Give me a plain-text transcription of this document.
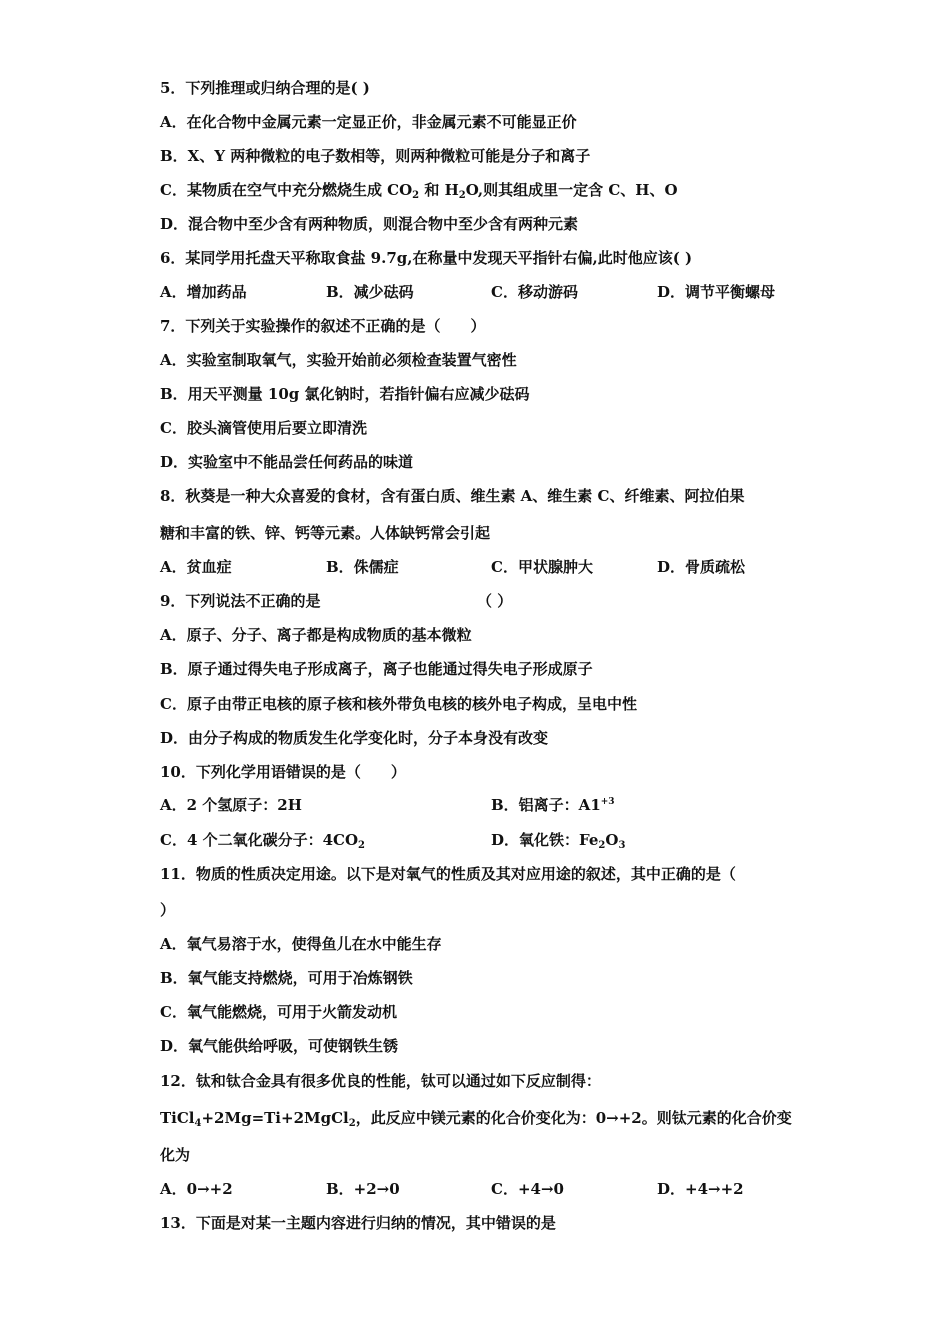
5．下列推理或归纳合理的是( )
A．在化合物中金属元素一定显正价，非金属元素不可能显正价
B．X、Y 两种微粒的电子数相等，则两种微粒可能是分子和离子
C．某物质在空气中充分燃烧生成 $CO_2$ 和 $H_2O$,则其组成里一定含 C、H、O
D．混合物中至少含有两种物质，则混合物中至少含有两种元素
6．某同学用托盘天平称取食盐 9.7g,在称量中发现天平指针右偏,此时他应该( )
A．增加药品	B．减少砝码	C．移动游码	D．调节平衡螺母
7．下列关于实验操作的叙述不正确的是（　　）
A．实验室制取氧气，实验开始前必须检查装置气密性
B．用天平测量 10g 氯化钠时，若指针偏右应减少砝码
C．胶头滴管使用后要立即清洗
D．实验室中不能品尝任何药品的味道
8．秋葵是一种大众喜爱的食材，含有蛋白质、维生素 A、维生素 C、纤维素、阿拉伯果
糖和丰富的铁、锌、钙等元素。人体缺钙常会引起
A．贫血症	B．侏儒症	C．甲状腺肿大	D．骨质疏松
9．下列说法不正确的是	（ ）
A．原子、分子、离子都是构成物质的基本微粒
B．原子通过得失电子形成离子，离子也能通过得失电子形成原子
C．原子由带正电核的原子核和核外带负电核的核外电子构成，呈电中性
D．由分子构成的物质发生化学变化时，分子本身没有改变
10．下列化学用语错误的是（　　）
A．2 个氢原子：2H	B．铝离子：$A1^{+3}$
C．4 个二氧化碳分子：$4CO_2$	D．氧化铁：$Fe_2O_3$
11．物质的性质决定用途。以下是对氧气的性质及其对应用途的叙述，其中正确的是（
）
A．氧气易溶于水，使得鱼儿在水中能生存
B．氧气能支持燃烧，可用于冶炼钢铁
C．氧气能燃烧，可用于火箭发动机
D．氧气能供给呼吸，可使钢铁生锈
12．钛和钛合金具有很多优良的性能，钛可以通过如下反应制得：
TiCl$_4$+2Mg=Ti+2MgCl$_2$，此反应中镁元素的化合价变化为：0→+2。则钛元素的化合价变
化为
A．0→+2	B．+2→0	C．+4→0	D．+4→+2
13．下面是对某一主题内容进行归纳的情况，其中错误的是
